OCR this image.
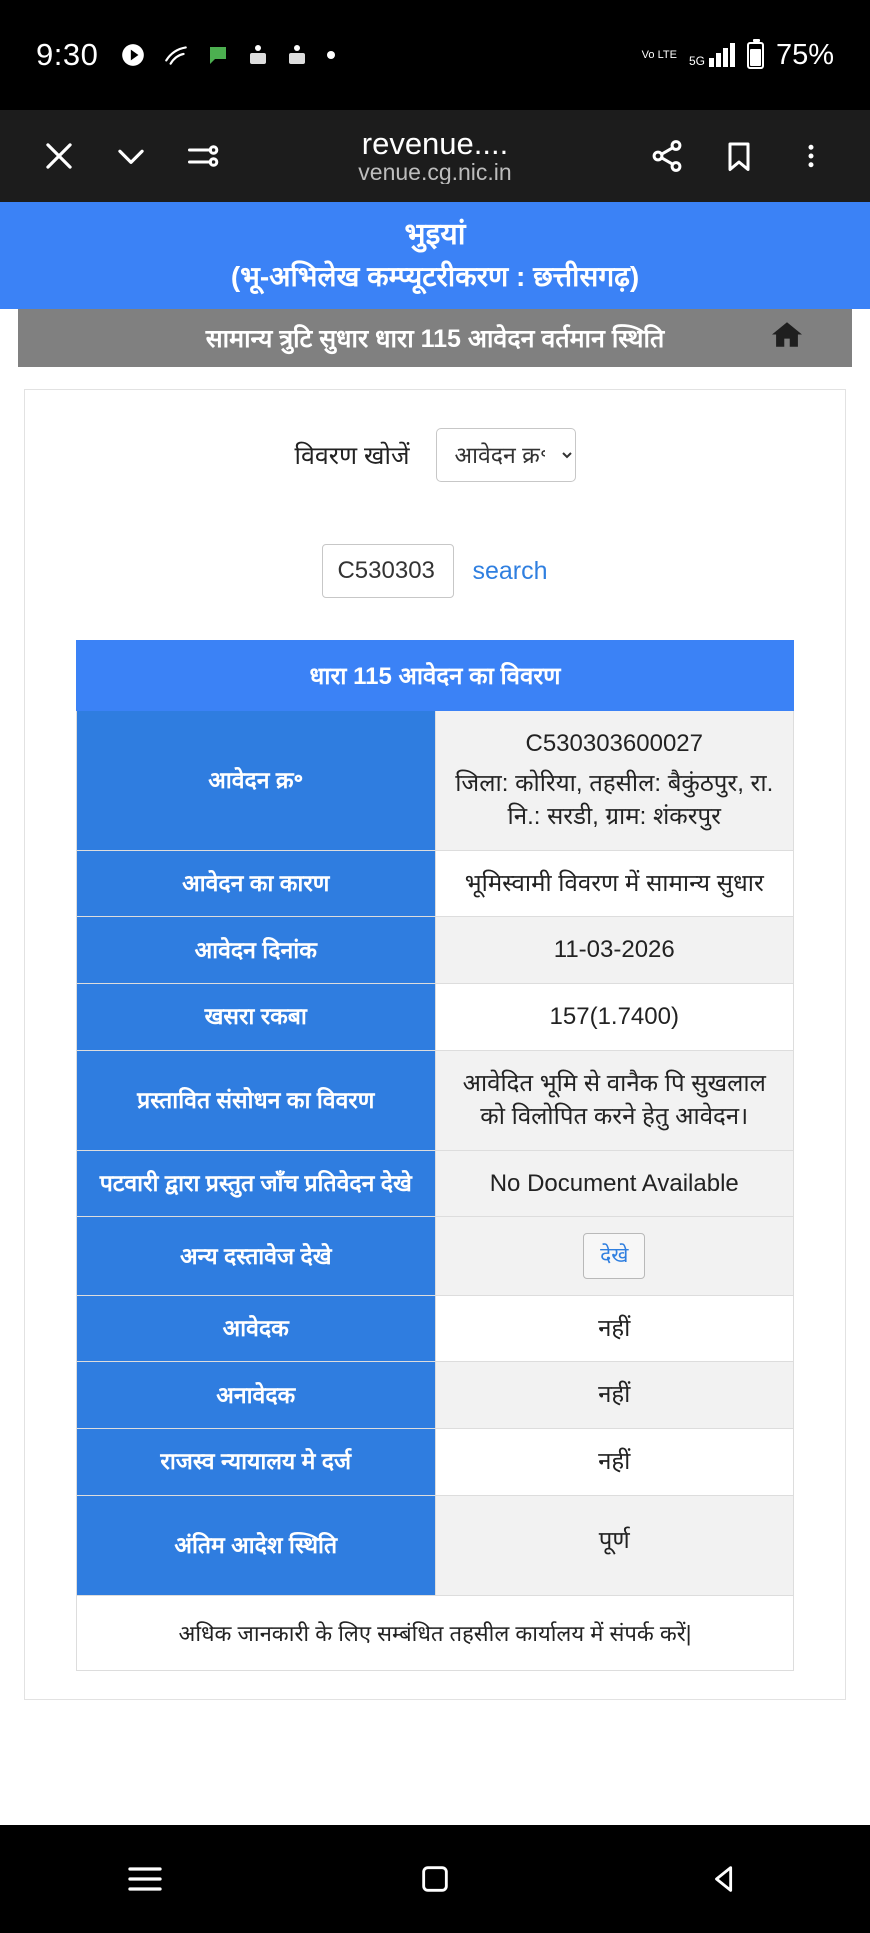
9:30	Vo LTE 5G 75%
revenue....
venue.cg.nic.in
भुइयां
(भू-अभिलेख कम्प्यूटरीकरण : छत्तीसगढ़)
सामान्य त्रुटि सुधार धारा 115 आवेदन वर्तमान स्थिति
विवरण खोजें
आवेदन क्र॰
C530303
search
धारा 115 आवेदन का विवरण	
आवेदन क्र॰	C530303600027
जिला: कोरिया, तहसील: बैकुंठपुर, रा. नि.: सरडी, ग्राम: शंकरपुर

आवेदन का कारण	भूमिस्वामी विवरण में सामान्य सुधार
आवेदन दिनांक	11-03-2026
खसरा रकबा	157(1.7400)
प्रस्तावित संसोधन का विवरण	आवेदित भूमि से वानैक पि सुखलाल को विलोपित करने हेतु आवेदन।
पटवारी द्वारा प्रस्तुत जाँच प्रतिवेदन देखे	No Document Available
अन्य दस्तावेज देखे	देखे
आवेदक	नहीं
अनावेदक	नहीं
राजस्व न्यायालय मे दर्ज	नहीं
अंतिम आदेश स्थिति	पूर्ण
अधिक जानकारी के लिए सम्बंधित तहसील कार्यालय में संपर्क करें|
